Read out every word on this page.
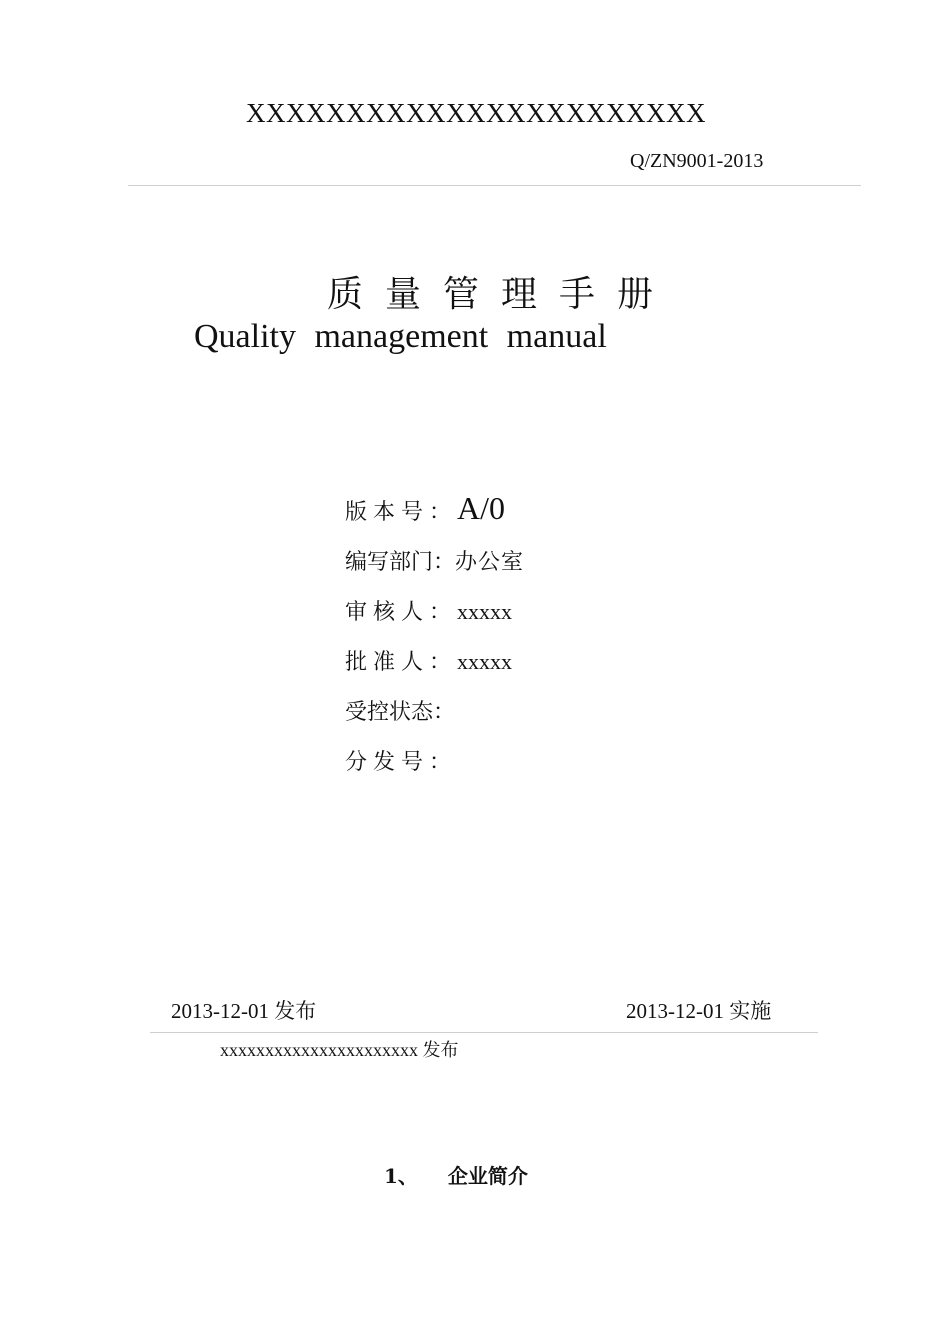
XXXXXXXXXXXXXXXXXXXXXXX
Q/ZN9001-2013
质量管理手册
Quality management manual
版本号： A/0
编写部门： 办公室
审核人： xxxxx
批准人： xxxxx
受控状态：
分发号：
2013-12-01 发布	2013-12-01 实施
xxxxxxxxxxxxxxxxxxxxxx 发布
1、 企业简介
